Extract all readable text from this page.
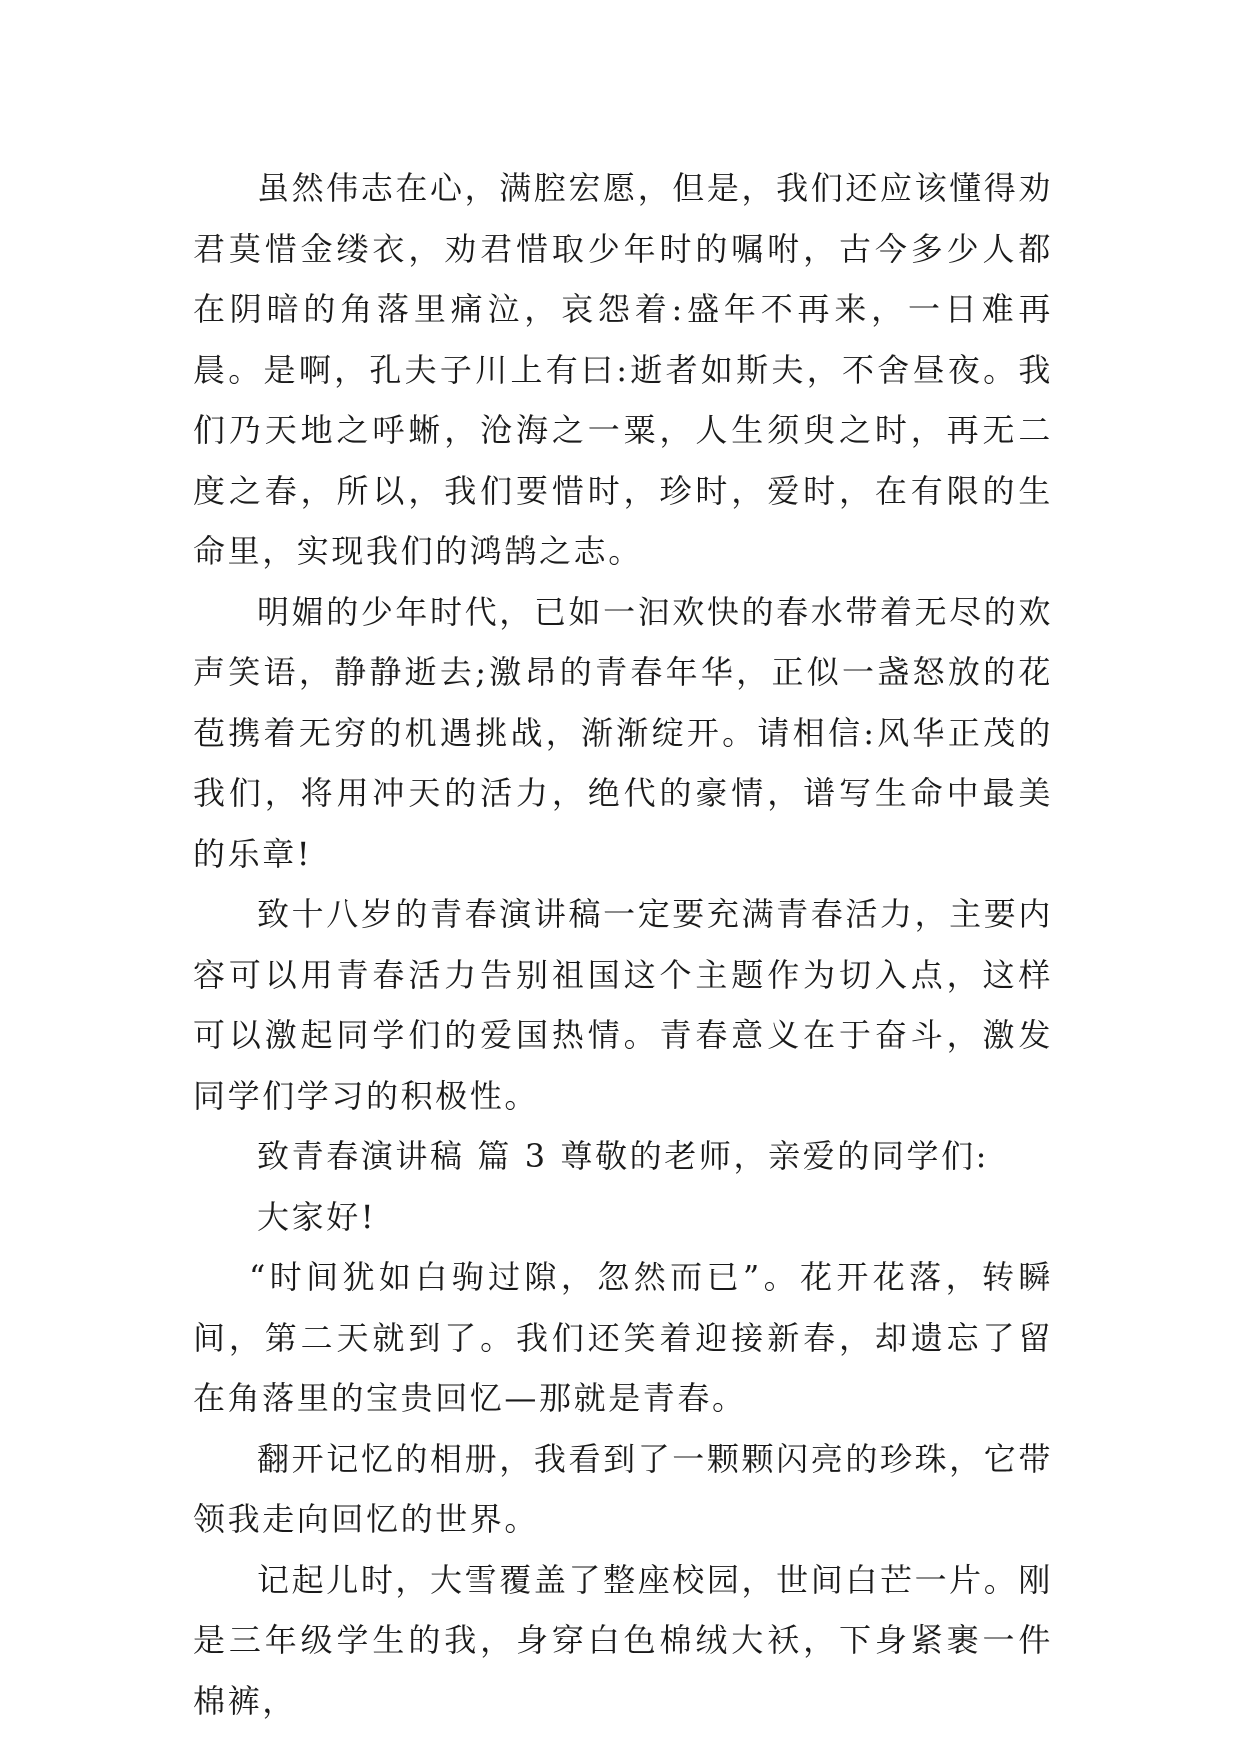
虽然伟志在心，满腔宏愿，但是，我们还应该懂得劝君莫惜金缕衣，劝君惜取少年时的嘱咐，古今多少人都在阴暗的角落里痛泣，哀怨着:盛年不再来，一日难再晨。是啊，孔夫子川上有曰:逝者如斯夫，不舍昼夜。我们乃天地之呼蜥，沧海之一粟，人生须臾之时，再无二度之春，所以，我们要惜时，珍时，爱时，在有限的生命里，实现我们的鸿鹄之志。

明媚的少年时代，已如一汩欢快的春水带着无尽的欢声笑语，静静逝去;激昂的青春年华，正似一盏怒放的花苞携着无穷的机遇挑战，渐渐绽开。请相信:风华正茂的我们，将用冲天的活力，绝代的豪情，谱写生命中最美的乐章!

致十八岁的青春演讲稿一定要充满青春活力，主要内容可以用青春活力告别祖国这个主题作为切入点，这样可以激起同学们的爱国热情。青春意义在于奋斗，激发同学们学习的积极性。

致青春演讲稿 篇 3 尊敬的老师，亲爱的同学们:

大家好!

“时间犹如白驹过隙，忽然而已”。花开花落，转瞬间，第二天就到了。我们还笑着迎接新春，却遗忘了留在角落里的宝贵回忆—那就是青春。

翻开记忆的相册，我看到了一颗颗闪亮的珍珠，它带领我走向回忆的世界。

记起儿时，大雪覆盖了整座校园，世间白芒一片。刚是三年级学生的我，身穿白色棉绒大袄，下身紧裹一件棉裤，
